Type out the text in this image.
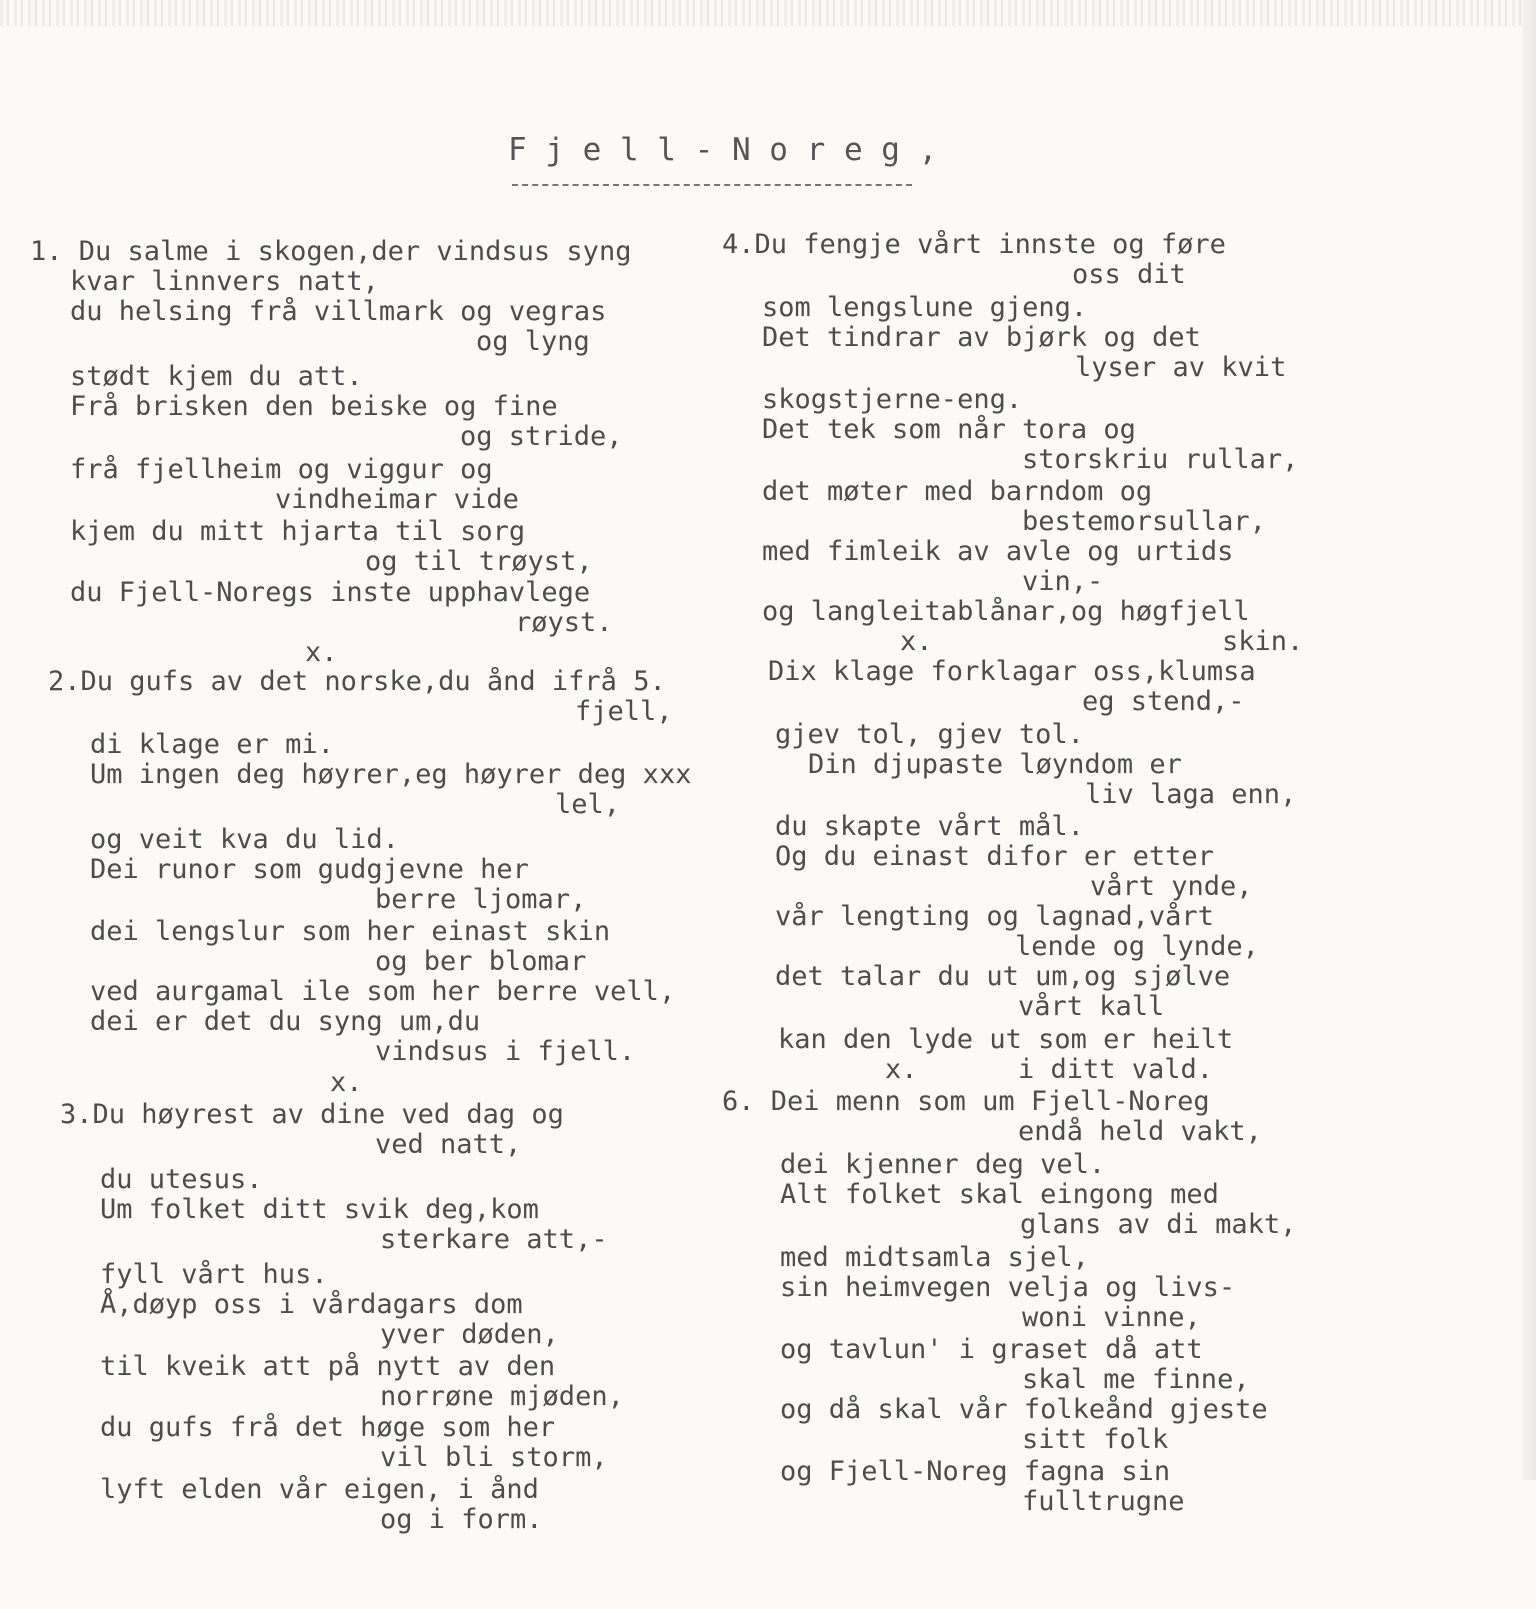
F j e l l - N o r e g ,
1. Du salme i skogen,der vindsus syng
kvar linnvers natt,
du helsing frå villmark og vegras
og lyng
stødt kjem du att.
Frå brisken den beiske og fine
og stride,
frå fjellheim og viggur og
vindheimar vide
kjem du mitt hjarta til sorg
og til trøyst,
du Fjell-Noregs inste upphavlege
røyst.
x.
2.Du gufs av det norske,du ånd ifrå 5.
fjell,
di klage er mi.
Um ingen deg høyrer,eg høyrer deg xxx
lel,
og veit kva du lid.
Dei runor som gudgjevne her
berre ljomar,
dei lengslur som her einast skin
og ber blomar
ved aurgamal ile som her berre vell,
dei er det du syng um,du
vindsus i fjell.
x.
3.Du høyrest av dine ved dag og
ved natt,
du utesus.
Um folket ditt svik deg,kom
sterkare att,-
fyll vårt hus.
Å,døyp oss i vårdagars dom
yver døden,
til kveik att på nytt av den
norrøne mjøden,
du gufs frå det høge som her
vil bli storm,
lyft elden vår eigen, i ånd
og i form.
4.Du fengje vårt innste og føre
oss dit
som lengslune gjeng.
Det tindrar av bjørk og det
lyser av kvit
skogstjerne-eng.
Det tek som når tora og
storskriu rullar,
det møter med barndom og
bestemorsullar,
med fimleik av avle og urtids
vin,-
og langleitablånar,og høgfjell
x.	skin.
Dix klage forklagar oss,klumsa
eg stend,-
gjev tol, gjev tol.
Din djupaste løyndom er
liv laga enn,
du skapte vårt mål.
Og du einast difor er etter
vårt ynde,
vår lengting og lagnad,vårt
lende og lynde,
det talar du ut um,og sjølve
vårt kall
kan den lyde ut som er heilt
x.	i ditt vald.
6. Dei menn som um Fjell-Noreg
endå held vakt,
dei kjenner deg vel.
Alt folket skal eingong med
glans av di makt,
med midtsamla sjel,
sin heimvegen velja og livs-
woni vinne,
og tavlun' i graset då att
skal me finne,
og då skal vår folkeånd gjeste
sitt folk
og Fjell-Noreg fagna sin
fulltrugne
